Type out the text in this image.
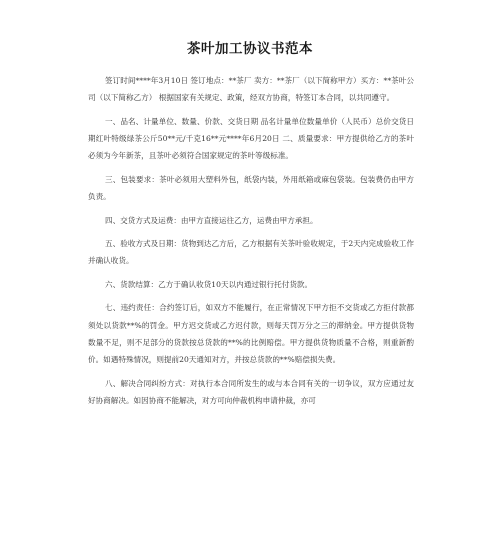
茶叶加工协议书范本

签订时间****年3月10日 签订地点：**茶厂 卖方：**茶厂（以下简称甲方）买方：**茶叶公司（以下简称乙方） 根据国家有关规定、政策，经双方协商，特签订本合同，以共同遵守。

一、品名、计量单位、数量、价款、交货日期 品名计量单位数量单价（人民币）总价交货日期红叶特级绿茶公斤50**元/千克16**元****年6月20日 二、质量要求：甲方提供给乙方的茶叶必须为今年新茶，且茶叶必须符合国家规定的茶叶等级标准。

三、包装要求：茶叶必须用大塑料外包，纸袋内装，外用纸箱或麻包袋装。包装费仍由甲方负责。

四、交货方式及运费：由甲方直接运往乙方，运费由甲方承担。

五、验收方式及日期：货物到达乙方后，乙方根据有关茶叶验收规定，于2天内完成验收工作并确认收货。

六、货款结算：乙方于确认收货10天以内通过银行托付货款。

七、违约责任：合约签订后，如双方不能履行，在正常情况下甲方拒不交货或乙方拒付款都须处以货款**%的罚金。甲方迟交货或乙方迟付款，则每天罚万分之三的滞纳金。甲方提供货物数量不足，则不足部分的货款按总货款的**%的比例赔偿。甲方提供货物质量不合格，则重新酌价。如遇特殊情况，则提前20天通知对方，并按总货款的**%赔偿损失费。

八、解决合同纠纷方式：对执行本合同所发生的或与本合同有关的一切争议，双方应通过友好协商解决。如因协商不能解决，对方可向仲裁机构申请仲裁，亦可
